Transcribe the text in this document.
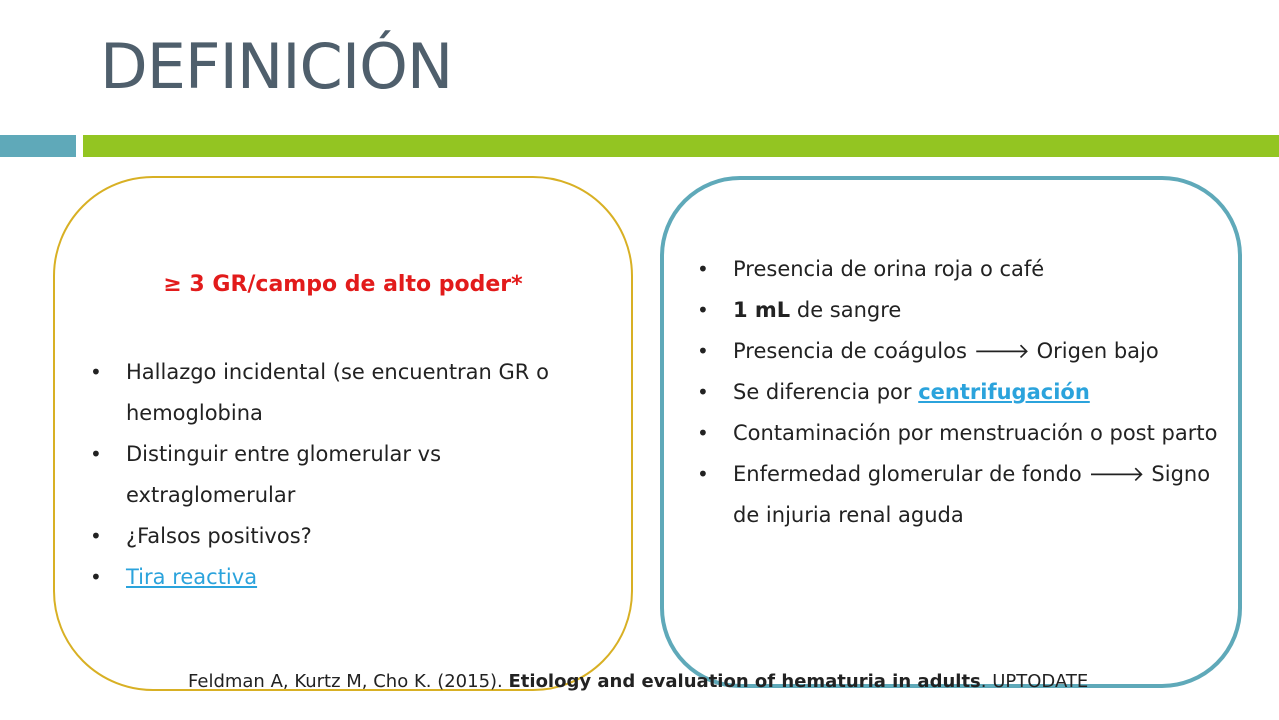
DEFINICIÓN

≥ 3 GR/campo de alto poder*

• Hallazgo incidental (se encuentran GR o hemoglobina
• Distinguir entre glomerular vs extraglomerular
• ¿Falsos positivos?
• Tira reactiva
• Presencia de orina roja o café
• 1 mL de sangre
• Presencia de coágulos 🡒 Origen bajo
• Se diferencia por centrifugación
• Contaminación por menstruación o post parto
• Enfermedad glomerular de fondo 🡒 Signo de injuria renal aguda
Feldman A, Kurtz M, Cho K. (2015). Etiology and evaluation of hematuria in adults. UPTODATE
